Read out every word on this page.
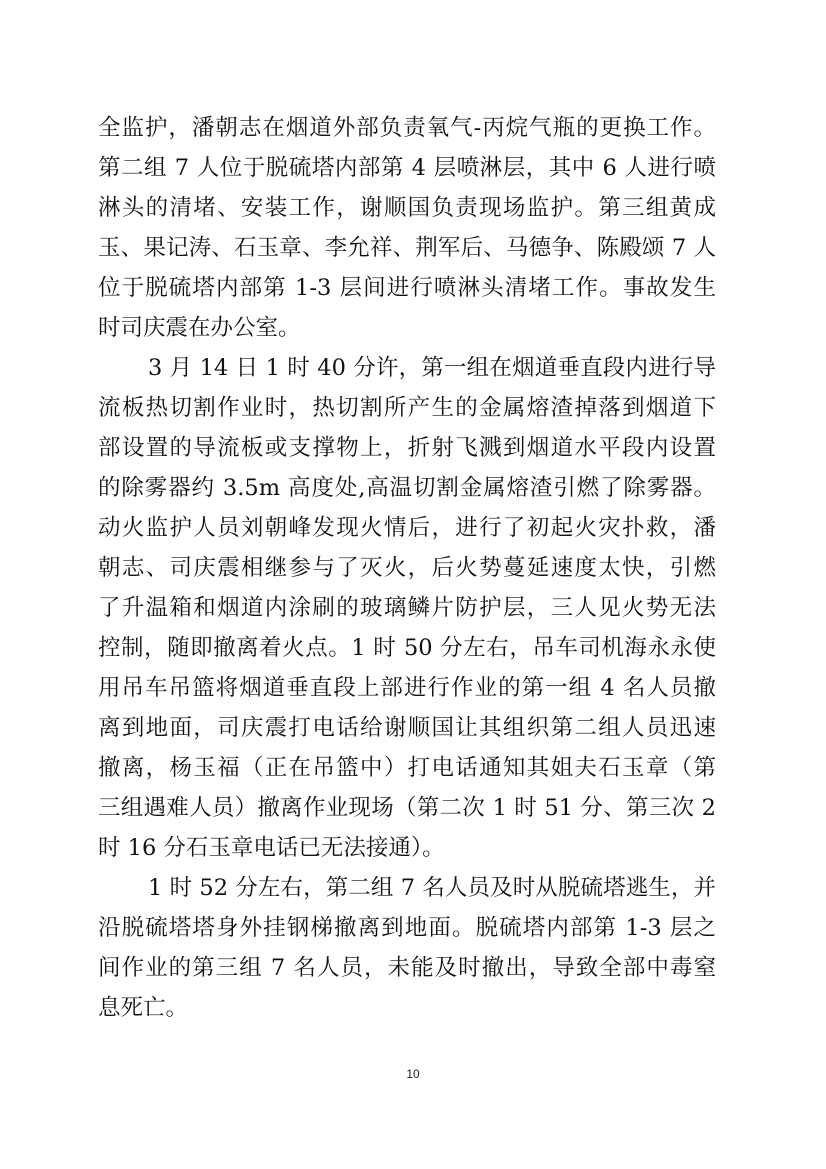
全监护，潘朝志在烟道外部负责氧气-丙烷气瓶的更换工作。
第二组 7 人位于脱硫塔内部第 4 层喷淋层，其中 6 人进行喷
淋头的清堵、安装工作，谢顺国负责现场监护。第三组黄成
玉、果记涛、石玉章、李允祥、荆军后、马德争、陈殿颂 7 人
位于脱硫塔内部第 1-3 层间进行喷淋头清堵工作。事故发生
时司庆震在办公室。
3 月 14 日 1 时 40 分许，第一组在烟道垂直段内进行导
流板热切割作业时，热切割所产生的金属熔渣掉落到烟道下
部设置的导流板或支撑物上，折射飞溅到烟道水平段内设置
的除雾器约 3.5m 高度处,高温切割金属熔渣引燃了除雾器。
动火监护人员刘朝峰发现火情后，进行了初起火灾扑救，潘
朝志、司庆震相继参与了灭火，后火势蔓延速度太快，引燃
了升温箱和烟道内涂刷的玻璃鳞片防护层，三人见火势无法
控制，随即撤离着火点。1 时 50 分左右，吊车司机海永永使
用吊车吊篮将烟道垂直段上部进行作业的第一组 4 名人员撤
离到地面，司庆震打电话给谢顺国让其组织第二组人员迅速
撤离，杨玉福（正在吊篮中）打电话通知其姐夫石玉章（第
三组遇难人员）撤离作业现场（第二次 1 时 51 分、第三次 2
时 16 分石玉章电话已无法接通）。
1 时 52 分左右，第二组 7 名人员及时从脱硫塔逃生，并
沿脱硫塔塔身外挂钢梯撤离到地面。脱硫塔内部第 1-3 层之
间作业的第三组 7 名人员，未能及时撤出，导致全部中毒窒
息死亡。
10
